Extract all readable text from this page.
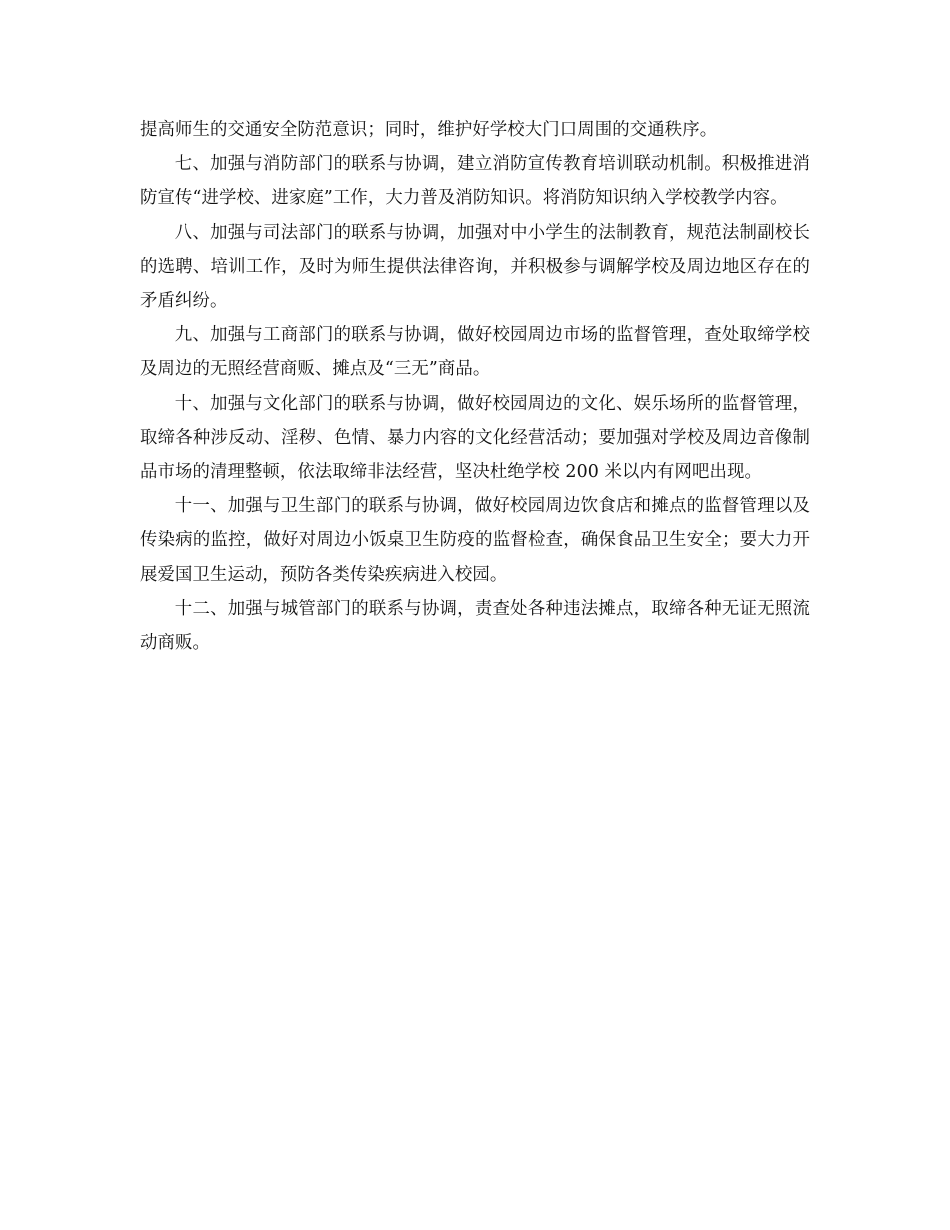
提高师生的交通安全防范意识；同时，维护好学校大门口周围的交通秩序。

七、加强与消防部门的联系与协调，建立消防宣传教育培训联动机制。积极推进消防宣传“进学校、进家庭”工作，大力普及消防知识。将消防知识纳入学校教学内容。

八、加强与司法部门的联系与协调，加强对中小学生的法制教育，规范法制副校长的选聘、培训工作，及时为师生提供法律咨询，并积极参与调解学校及周边地区存在的矛盾纠纷。

九、加强与工商部门的联系与协调，做好校园周边市场的监督管理，查处取缔学校及周边的无照经营商贩、摊点及“三无”商品。

十、加强与文化部门的联系与协调，做好校园周边的文化、娱乐场所的监督管理，取缔各种涉反动、淫秽、色情、暴力内容的文化经营活动；要加强对学校及周边音像制品市场的清理整顿，依法取缔非法经营，坚决杜绝学校 200 米以内有网吧出现。

十一、加强与卫生部门的联系与协调，做好校园周边饮食店和摊点的监督管理以及传染病的监控，做好对周边小饭桌卫生防疫的监督检查，确保食品卫生安全；要大力开展爱国卫生运动，预防各类传染疾病进入校园。

十二、加强与城管部门的联系与协调，责查处各种违法摊点，取缔各种无证无照流动商贩。
